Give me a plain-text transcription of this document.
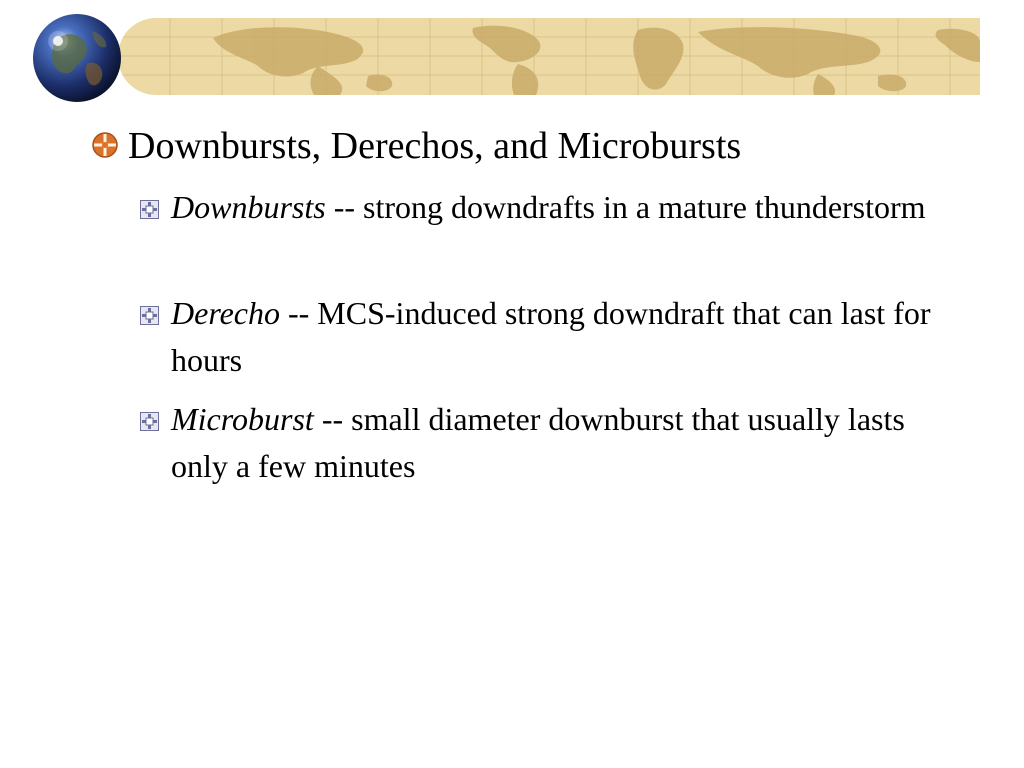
Downbursts, Derechos, and Microbursts
Downbursts -- strong downdrafts in a mature thunderstorm
Derecho -- MCS-induced strong downdraft that can last for hours
Microburst -- small diameter downburst that usually lasts only a few minutes
